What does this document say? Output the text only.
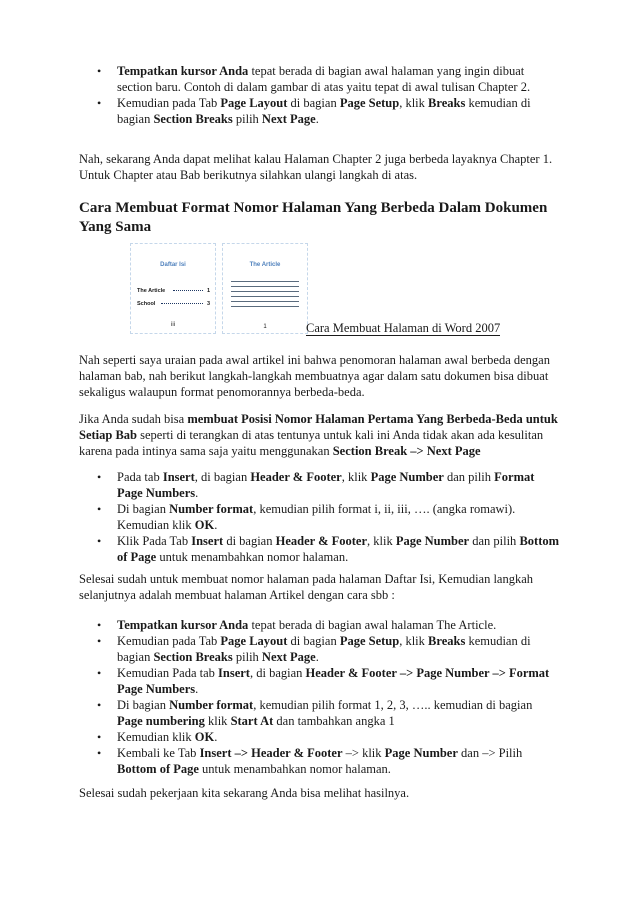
• Tempatkan kursor Anda tepat berada di bagian awal halaman yang ingin dibuat section baru. Contoh di dalam gambar di atas yaitu tepat di awal tulisan Chapter 2.
• Kemudian pada Tab Page Layout di bagian Page Setup, klik Breaks kemudian di bagian Section Breaks pilih Next Page.

Nah, sekarang Anda dapat melihat kalau Halaman Chapter 2 juga berbeda layaknya Chapter 1. Untuk Chapter atau Bab berikutnya silahkan ulangi langkah di atas.

Cara Membuat Format Nomor Halaman Yang Berbeda Dalam Dokumen Yang Sama
Daftar Isi
The Article	1
School	3
iii
The Article
1	Cara Membuat Halaman di Word 2007

Nah seperti saya uraian pada awal artikel ini bahwa penomoran halaman awal berbeda dengan halaman bab, nah berikut langkah-langkah membuatnya agar dalam satu dokumen bisa dibuat sekaligus walaupun format penomorannya berbeda-beda.

Jika Anda sudah bisa membuat Posisi Nomor Halaman Pertama Yang Berbeda-Beda untuk Setiap Bab seperti di terangkan di atas tentunya untuk kali ini Anda tidak akan ada kesulitan karena pada intinya sama saja yaitu menggunakan Section Break –> Next Page

• Pada tab Insert, di bagian Header & Footer, klik Page Number dan pilih Format Page Numbers.
• Di bagian Number format, kemudian pilih format i, ii, iii, …. (angka romawi). Kemudian klik OK.
• Klik Pada Tab Insert di bagian Header & Footer, klik Page Number dan pilih Bottom of Page untuk menambahkan nomor halaman.

Selesai sudah untuk membuat nomor halaman pada halaman Daftar Isi, Kemudian langkah selanjutnya adalah membuat halaman Artikel dengan cara sbb :

• Tempatkan kursor Anda tepat berada di bagian awal halaman The Article.
• Kemudian pada Tab Page Layout di bagian Page Setup, klik Breaks kemudian di bagian Section Breaks pilih Next Page.
• Kemudian Pada tab Insert, di bagian Header & Footer –> Page Number –> Format Page Numbers.
• Di bagian Number format, kemudian pilih format 1, 2, 3, ….. kemudian di bagian Page numbering klik Start At dan tambahkan angka 1
• Kemudian klik OK.
• Kembali ke Tab Insert –> Header & Footer –> klik Page Number dan –> Pilih Bottom of Page untuk menambahkan nomor halaman.

Selesai sudah pekerjaan kita sekarang Anda bisa melihat hasilnya.
